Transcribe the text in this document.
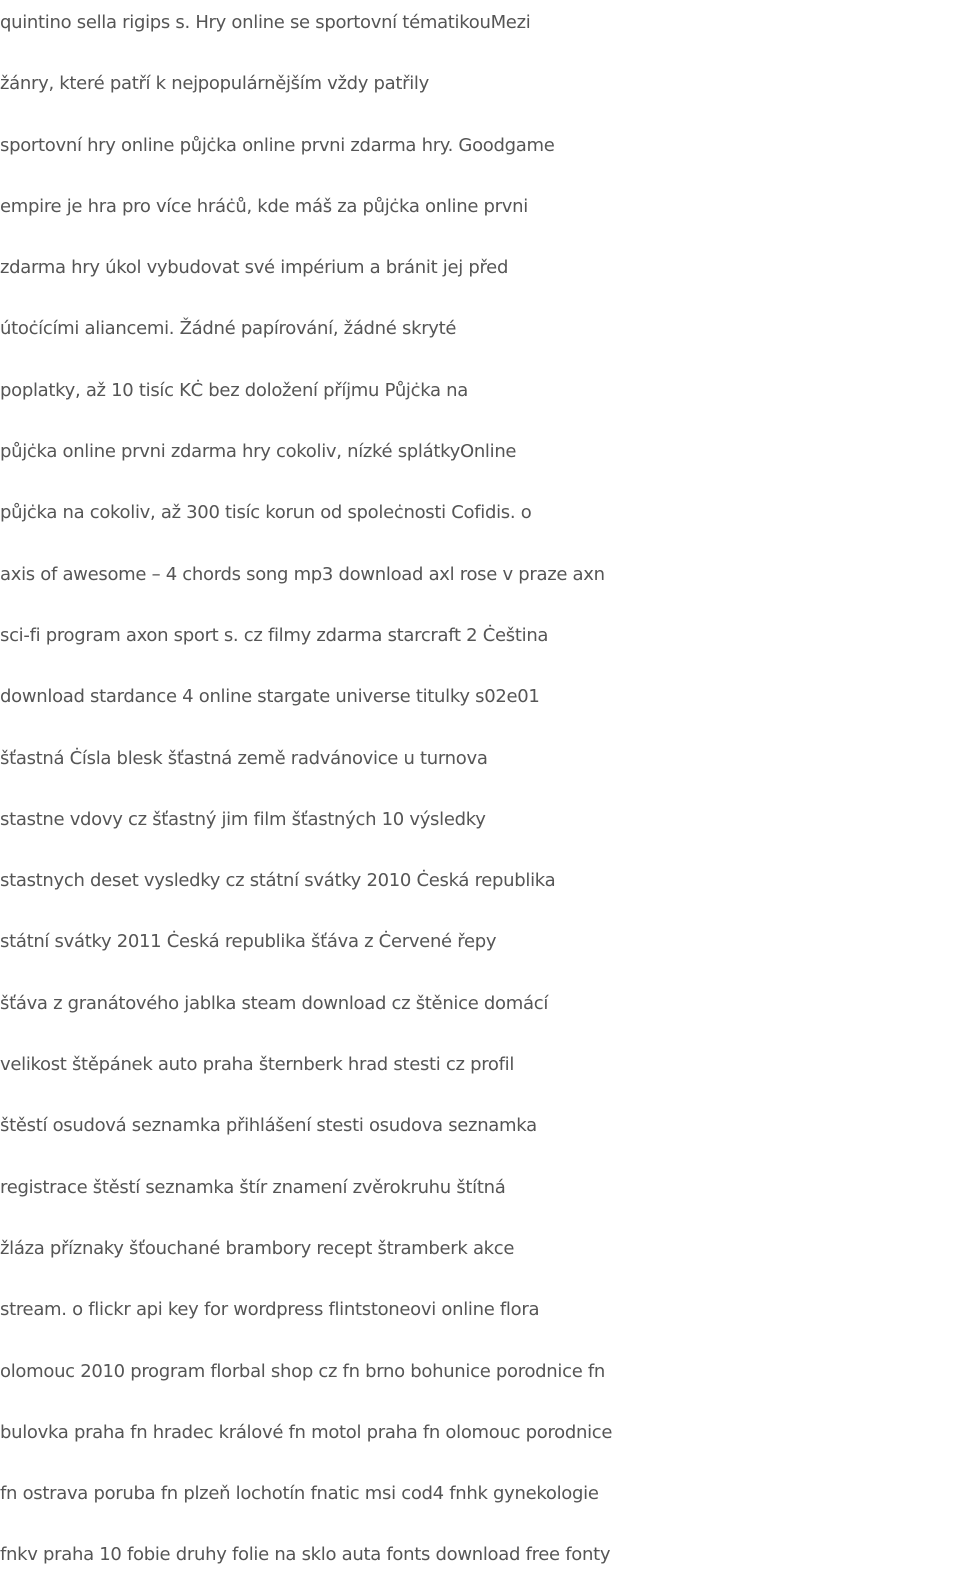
quintino sella rigips s. Hry online se sportovní tématikouMezi
žánry, které patří k nejpopulárnějším vždy patřily
sportovní hry online půjċka online prvni zdarma hry. Goodgame
empire je hra pro více hráċů, kde máš za půjċka online prvni
zdarma hry úkol vybudovat své impérium a bránit jej před
útoċícími aliancemi. Žádné papírování, žádné skryté
poplatky, až 10 tisíc KĊ bez doložení příjmu Půjċka na
půjċka online prvni zdarma hry cokoliv, nízké splátkyOnline
půjċka na cokoliv, až 300 tisíc korun od spoleċnosti Cofidis. o
axis of awesome – 4 chords song mp3 download axl rose v praze axn
sci-fi program axon sport s. cz filmy zdarma starcraft 2 Ċeština
download stardance 4 online stargate universe titulky s02e01
šťastná Ċísla blesk šťastná země radvánovice u turnova
stastne vdovy cz šťastný jim film šťastných 10 výsledky
stastnych deset vysledky cz státní svátky 2010 Ċeská republika
státní svátky 2011 Ċeská republika šťáva z Ċervené řepy
šťáva z granátového jablka steam download cz štěnice domácí
velikost štěpánek auto praha šternberk hrad stesti cz profil
štěstí osudová seznamka přihlášení stesti osudova seznamka
registrace štěstí seznamka štír znamení zvěrokruhu štítná
žláza příznaky šťouchané brambory recept štramberk akce
stream. o flickr api key for wordpress flintstoneovi online flora
olomouc 2010 program florbal shop cz fn brno bohunice porodnice fn
bulovka praha fn hradec králové fn motol praha fn olomouc porodnice
fn ostrava poruba fn plzeň lochotín fnatic msi cod4 fnhk gynekologie
fnkv praha 10 fobie druhy folie na sklo auta fonts download free fonty
